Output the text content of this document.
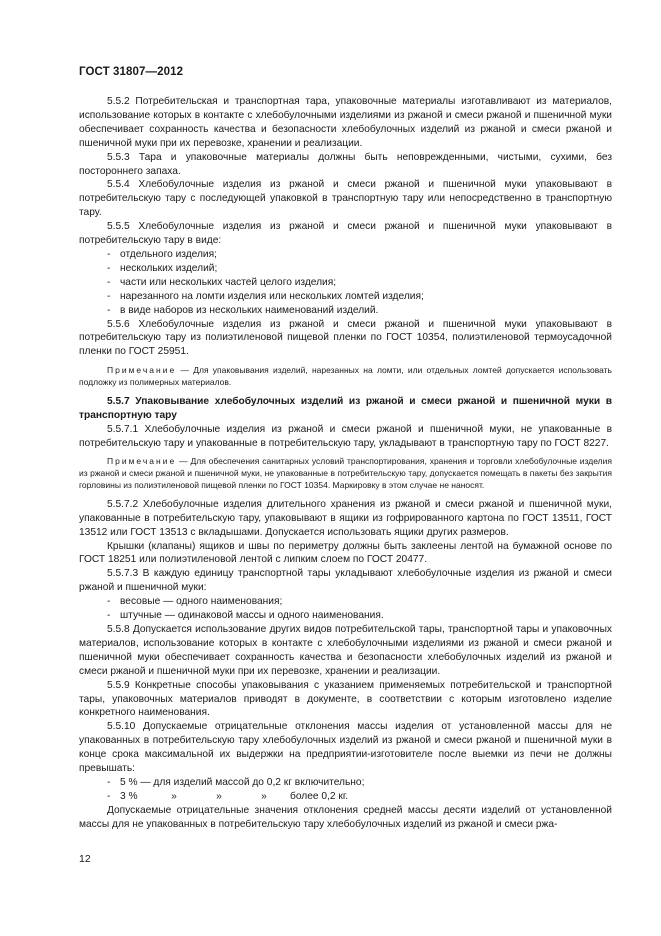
ГОСТ 31807—2012

5.5.2 Потребительская и транспортная тара, упаковочные материалы изготавливают из материалов, использование которых в контакте с хлебобулочными изделиями из ржаной и смеси ржаной и пшеничной муки обеспечивает сохранность качества и безопасности хлебобулочных изделий из ржаной и смеси ржаной и пшеничной муки при их перевозке, хранении и реализации.

5.5.3 Тара и упаковочные материалы должны быть неповрежденными, чистыми, сухими, без постороннего запаха.

5.5.4 Хлебобулочные изделия из ржаной и смеси ржаной и пшеничной муки упаковывают в потребительскую тару с последующей упаковкой в транспортную тару или непосредственно в транспортную тару.

5.5.5 Хлебобулочные изделия из ржаной и смеси ржаной и пшеничной муки упаковывают в потребительскую тару в виде:

- отдельного изделия;

- нескольких изделий;

- части или нескольких частей целого изделия;

- нарезанного на ломти изделия или нескольких ломтей изделия;

- в виде наборов из нескольких наименований изделий.

5.5.6 Хлебобулочные изделия из ржаной и смеси ржаной и пшеничной муки упаковывают в потребительскую тару из полиэтиленовой пищевой пленки по ГОСТ 10354, полиэтиленовой термоусадочной пленки по ГОСТ 25951.

Примечание — Для упаковывания изделий, нарезанных на ломти, или отдельных ломтей допускается использовать подложку из полимерных материалов.

5.5.7 Упаковывание хлебобулочных изделий из ржаной и смеси ржаной и пшеничной муки в транспортную тару

5.5.7.1 Хлебобулочные изделия из ржаной и смеси ржаной и пшеничной муки, не упакованные в потребительскую тару и упакованные в потребительскую тару, укладывают в транспортную тару по ГОСТ 8227.

Примечание — Для обеспечения санитарных условий транспортирования, хранения и торговли хлебобулочные изделия из ржаной и смеси ржаной и пшеничной муки, не упакованные в потребительскую тару, допускается помещать в пакеты без закрытия горловины из полиэтиленовой пищевой пленки по ГОСТ 10354. Маркировку в этом случае не наносят.

5.5.7.2 Хлебобулочные изделия длительного хранения из ржаной и смеси ржаной и пшеничной муки, упакованные в потребительскую тару, упаковывают в ящики из гофрированного картона по ГОСТ 13511, ГОСТ 13512 или ГОСТ 13513 с вкладышами. Допускается использовать ящики других размеров.

Крышки (клапаны) ящиков и швы по периметру должны быть заклеены лентой на бумажной основе по ГОСТ 18251 или полиэтиленовой лентой с липким слоем по ГОСТ 20477.

5.5.7.3 В каждую единицу транспортной тары укладывают хлебобулочные изделия из ржаной и смеси ржаной и пшеничной муки:

- весовые — одного наименования;

- штучные — одинаковой массы и одного наименования.

5.5.8 Допускается использование других видов потребительской тары, транспортной тары и упаковочных материалов, использование которых в контакте с хлебобулочными изделиями из ржаной и смеси ржаной и пшеничной муки обеспечивает сохранность качества и безопасности хлебобулочных изделий из ржаной и смеси ржаной и пшеничной муки при их перевозке, хранении и реализации.

5.5.9 Конкретные способы упаковывания с указанием применяемых потребительской и транспортной тары, упаковочных материалов приводят в документе, в соответствии с которым изготовлено изделие конкретного наименования.

5.5.10 Допускаемые отрицательные отклонения массы изделия от установленной массы для не упакованных в потребительскую тару хлебобулочных изделий из ржаной и смеси ржаной и пшеничной муки в конце срока максимальной их выдержки на предприятии-изготовителе после выемки из печи не должны превышать:

- 5 % — для изделий массой до 0,2 кг включительно;

- 3 %	»	»	» более 0,2 кг.

Допускаемые отрицательные значения отклонения средней массы десяти изделий от установленной массы для не упакованных в потребительскую тару хлебобулочных изделий из ржаной и смеси ржа-

12
